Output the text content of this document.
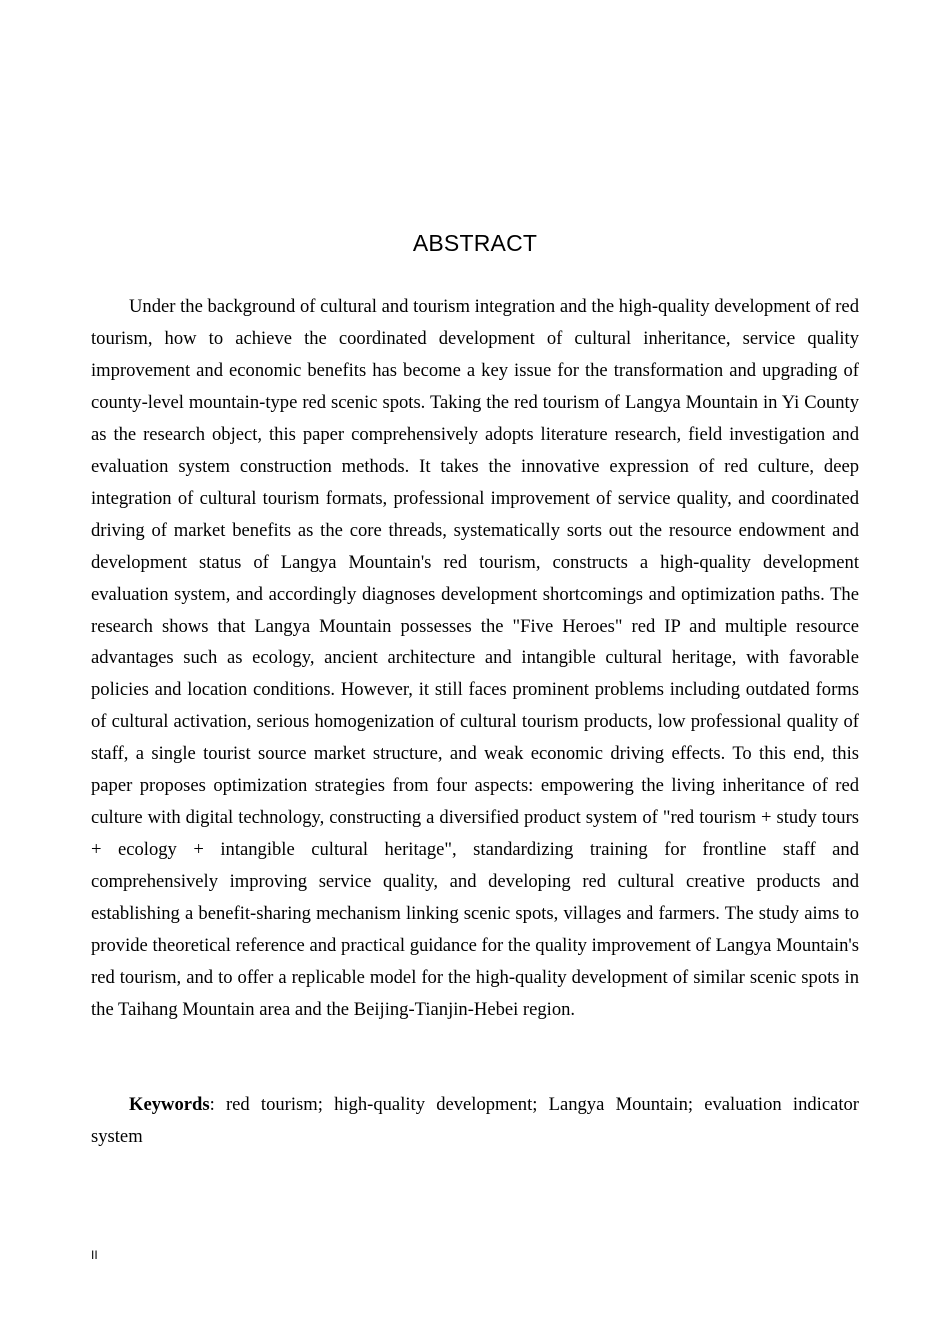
ABSTRACT

Under the background of cultural and tourism integration and the high-quality development of red tourism, how to achieve the coordinated development of cultural inheritance, service quality improvement and economic benefits has become a key issue for the transformation and upgrading of county-level mountain-type red scenic spots. Taking the red tourism of Langya Mountain in Yi County as the research object, this paper comprehensively adopts literature research, field investigation and evaluation system construction methods. It takes the innovative expression of red culture, deep integration of cultural tourism formats, professional improvement of service quality, and coordinated driving of market benefits as the core threads, systematically sorts out the resource endowment and development status of Langya Mountain's red tourism, constructs a high-quality development evaluation system, and accordingly diagnoses development shortcomings and optimization paths. The research shows that Langya Mountain possesses the "Five Heroes" red IP and multiple resource advantages such as ecology, ancient architecture and intangible cultural heritage, with favorable policies and location conditions. However, it still faces prominent problems including outdated forms of cultural activation, serious homogenization of cultural tourism products, low professional quality of staff, a single tourist source market structure, and weak economic driving effects. To this end, this paper proposes optimization strategies from four aspects: empowering the living inheritance of red culture with digital technology, constructing a diversified product system of "red tourism + study tours + ecology + intangible cultural heritage", standardizing training for frontline staff and comprehensively improving service quality, and developing red cultural creative products and establishing a benefit-sharing mechanism linking scenic spots, villages and farmers. The study aims to provide theoretical reference and practical guidance for the quality improvement of Langya Mountain's red tourism, and to offer a replicable model for the high-quality development of similar scenic spots in the Taihang Mountain area and the Beijing-Tianjin-Hebei region.

Keywords: red tourism; high-quality development; Langya Mountain; evaluation indicator system

II
